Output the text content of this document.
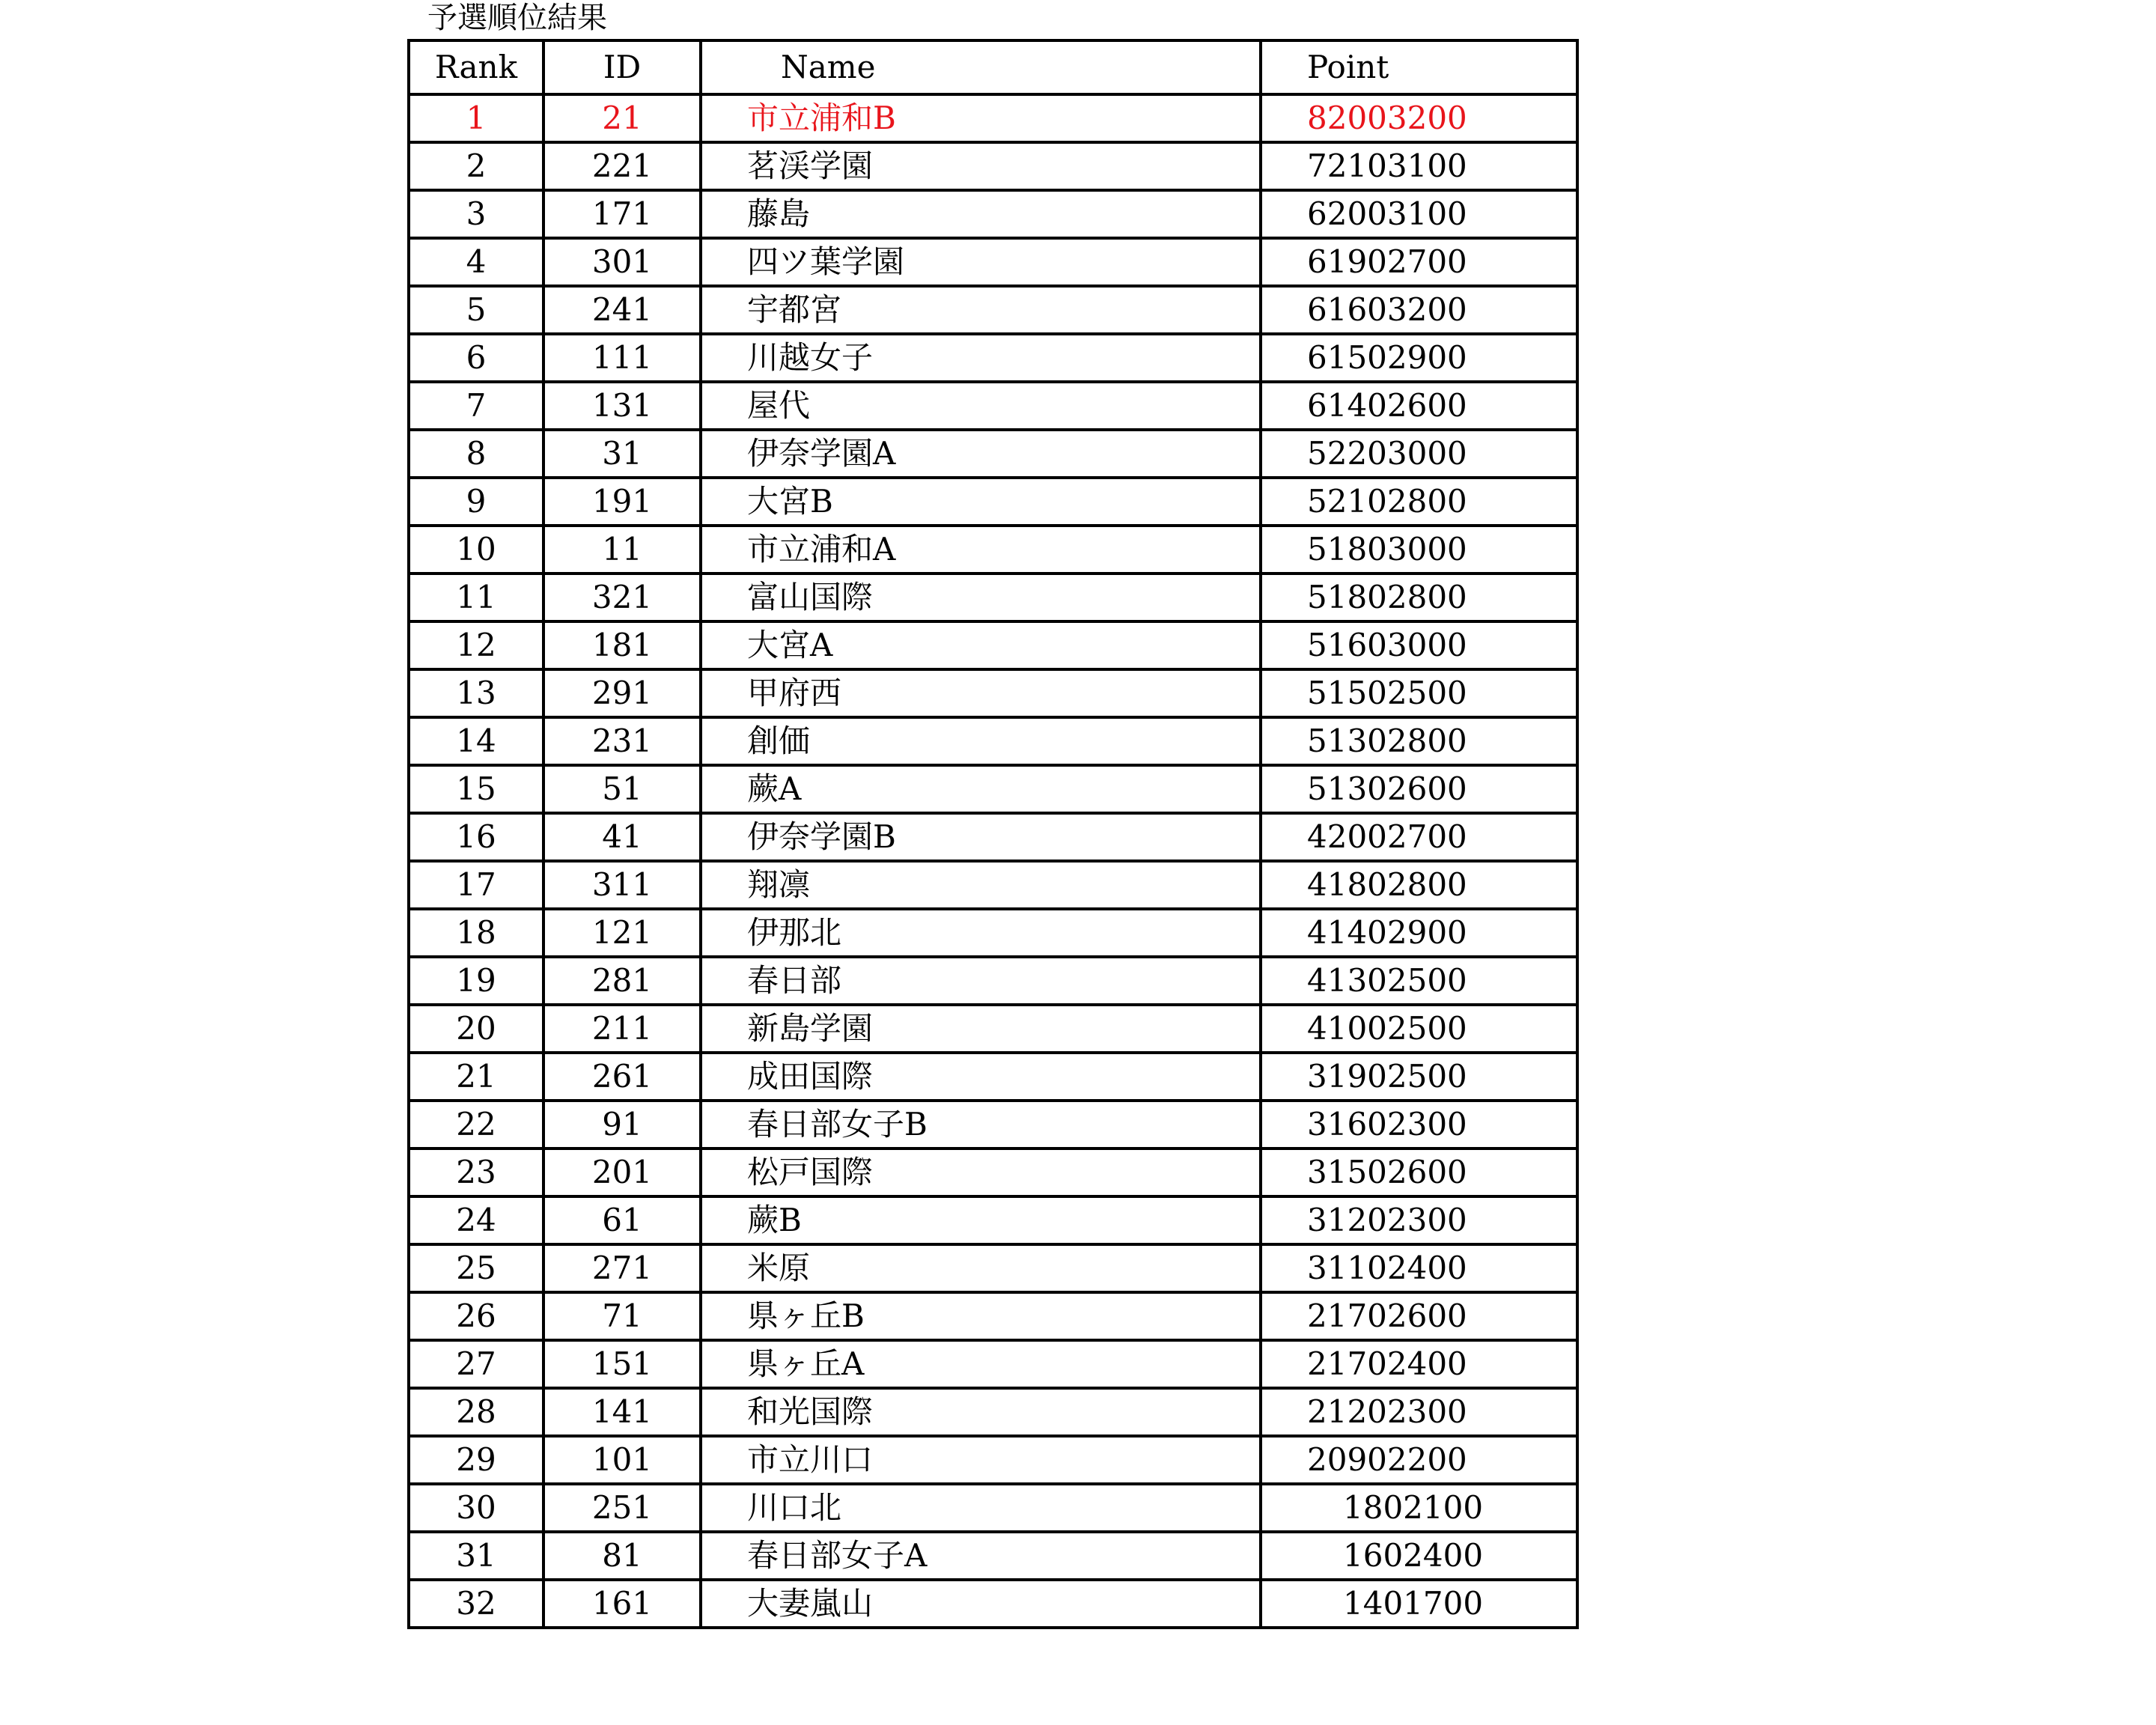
予選順位結果
Rank	ID	Name	Point
1	21	市立浦和B	82003200
2	221	茗渓学園	72103100
3	171	藤島	62003100
4	301	四ツ葉学園	61902700
5	241	宇都宮	61603200
6	111	川越女子	61502900
7	131	屋代	61402600
8	31	伊奈学園A	52203000
9	191	大宮B	52102800
10	11	市立浦和A	51803000
11	321	富山国際	51802800
12	181	大宮A	51603000
13	291	甲府西	51502500
14	231	創価	51302800
15	51	蕨A	51302600
16	41	伊奈学園B	42002700
17	311	翔凛	41802800
18	121	伊那北	41402900
19	281	春日部	41302500
20	211	新島学園	41002500
21	261	成田国際	31902500
22	91	春日部女子B	31602300
23	201	松戸国際	31502600
24	61	蕨B	31202300
25	271	米原	31102400
26	71	県ヶ丘B	21702600
27	151	県ヶ丘A	21702400
28	141	和光国際	21202300
29	101	市立川口	20902200
30	251	川口北	1802100
31	81	春日部女子A	1602400
32	161	大妻嵐山	1401700
